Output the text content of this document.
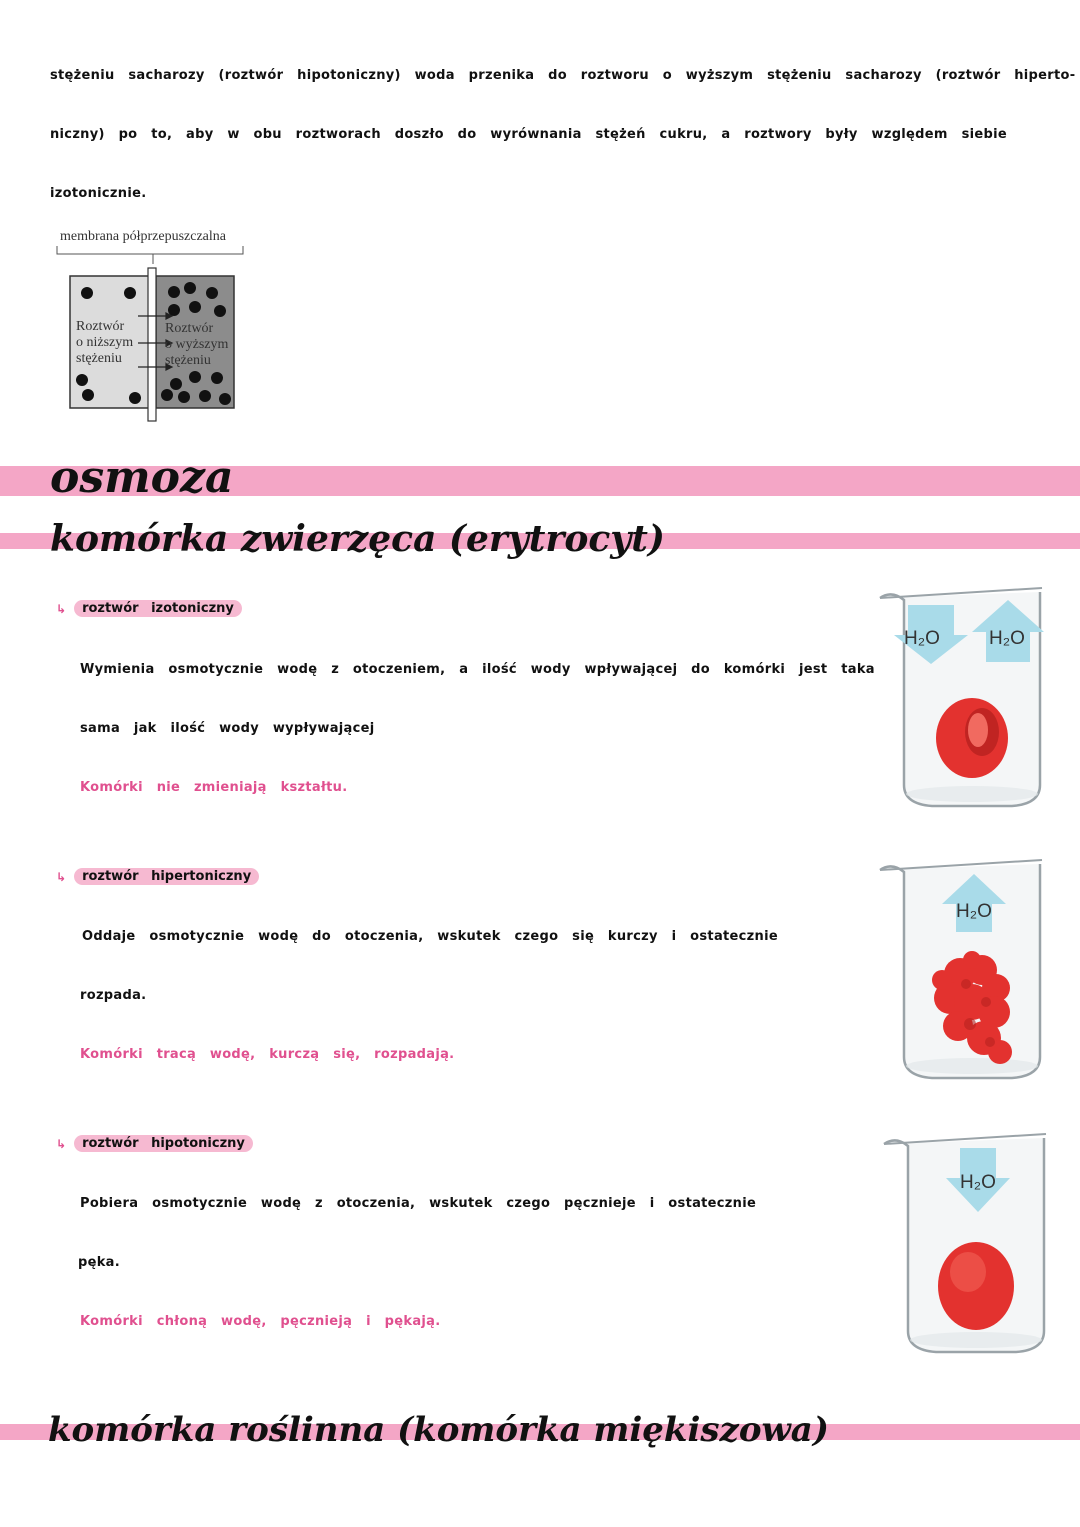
stężeniu sacharozy (roztwór hipotoniczny) woda przenika do roztworu o wyższym stężeniu sacharozy (roztwór hiperto-
niczny) po to, aby w obu roztworach doszło do wyrównania stężeń cukru, a roztwory były względem siebie
izotonicznie.
membrana półprzepuszczalna
Roztwór
o niższym
stężeniu
Roztwór
o wyższym
stężeniu
osmoza
komórka zwierzęca (erytrocyt)
↳	roztwór izotoniczny
Wymienia osmotycznie wodę z otoczeniem, a ilość wody wpływającej do komórki jest taka
sama jak ilość wody wypływającej
Komórki nie zmieniają kształtu.
H₂O	H₂O
↳	roztwór hipertoniczny
Oddaje osmotycznie wodę do otoczenia, wskutek czego się kurczy i ostatecznie
rozpada.
Komórki tracą wodę, kurczą się, rozpadają.
H₂O
↳	roztwór hipotoniczny
Pobiera osmotycznie wodę z otoczenia, wskutek czego pęcznieje i ostatecznie
pęka.
Komórki chłoną wodę, pęcznieją i pękają.
H₂O
komórka roślinna (komórka miękiszowa)
